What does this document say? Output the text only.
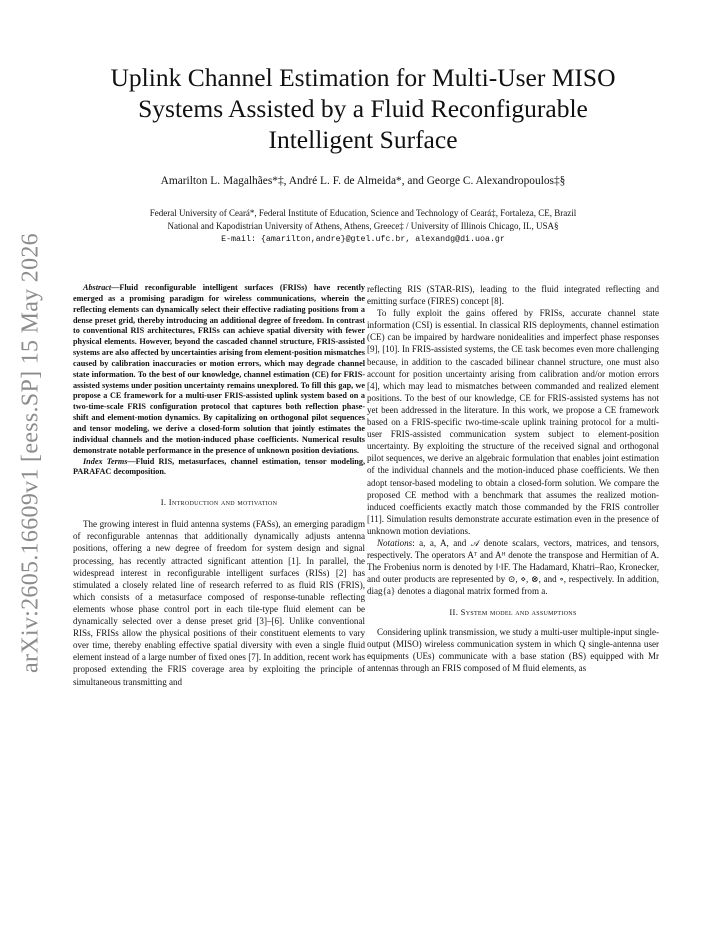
arXiv:2605.16609v1 [eess.SP] 15 May 2026
Uplink Channel Estimation for Multi-User MISO
Systems Assisted by a Fluid Reconfigurable
Intelligent Surface
Amarilton L. Magalhães*‡, André L. F. de Almeida*, and George C. Alexandropoulos‡§
Federal University of Ceará*, Federal Institute of Education, Science and Technology of Ceará‡, Fortaleza, CE, Brazil
National and Kapodistrian University of Athens, Athens, Greece‡ / University of Illinois Chicago, IL, USA§
E-mail: {amarilton,andre}@gtel.ufc.br, alexandg@di.uoa.gr

Abstract—Fluid reconfigurable intelligent surfaces (FRISs) have recently emerged as a promising paradigm for wireless communications, wherein the reflecting elements can dynamically select their effective radiating positions from a dense preset grid, thereby introducing an additional degree of freedom. In contrast to conventional RIS architectures, FRISs can achieve spatial diversity with fewer physical elements. However, beyond the cascaded channel structure, FRIS-assisted systems are also affected by uncertainties arising from element-position mismatches caused by calibration inaccuracies or motion errors, which may degrade channel state information. To the best of our knowledge, channel estimation (CE) for FRIS-assisted systems under position uncertainty remains unexplored. To fill this gap, we propose a CE framework for a multi-user FRIS-assisted uplink system based on a two-time-scale FRIS configuration protocol that captures both reflection phase-shift and element-motion dynamics. By capitalizing on orthogonal pilot sequences and tensor modeling, we derive a closed-form solution that jointly estimates the individual channels and the motion-induced phase coefficients. Numerical results demonstrate notable performance in the presence of unknown position deviations.

Index Terms—Fluid RIS, metasurfaces, channel estimation, tensor modeling, PARAFAC decomposition.

I. Introduction and motivation

The growing interest in fluid antenna systems (FASs), an emerging paradigm of reconfigurable antennas that additionally dynamically adjusts antenna positions, offering a new degree of freedom for system design and signal processing, has recently attracted significant attention [1]. In parallel, the widespread interest in reconfigurable intelligent surfaces (RISs) [2] has stimulated a closely related line of research referred to as fluid RIS (FRIS), which consists of a metasurface composed of response-tunable reflecting elements whose phase control port in each tile-type fluid element can be dynamically selected over a dense preset grid [3]–[6]. Unlike conventional RISs, FRISs allow the physical positions of their constituent elements to vary over time, thereby enabling effective spatial diversity with even a single fluid element instead of a large number of fixed ones [7]. In addition, recent work has proposed extending the FRIS coverage area by exploiting the principle of simultaneous transmitting and

reflecting RIS (STAR-RIS), leading to the fluid integrated reflecting and emitting surface (FIRES) concept [8].

To fully exploit the gains offered by FRISs, accurate channel state information (CSI) is essential. In classical RIS deployments, channel estimation (CE) can be impaired by hardware nonidealities and imperfect phase responses [9], [10]. In FRIS-assisted systems, the CE task becomes even more challenging because, in addition to the cascaded bilinear channel structure, one must also account for position uncertainty arising from calibration and/or motion errors [4], which may lead to mismatches between commanded and realized element positions. To the best of our knowledge, CE for FRIS-assisted systems has not yet been addressed in the literature. In this work, we propose a CE framework based on a FRIS-specific two-time-scale uplink training protocol for a multi-user FRIS-assisted communication system subject to element-position uncertainty. By exploiting the structure of the received signal and orthogonal pilot sequences, we derive an algebraic formulation that enables joint estimation of the individual channels and the motion-induced phase coefficients. We then adopt tensor-based modeling to obtain a closed-form solution. We compare the proposed CE method with a benchmark that assumes the realized motion-induced coefficients exactly match those commanded by the FRIS controller [11]. Simulation results demonstrate accurate estimation even in the presence of unknown motion deviations.

Notations: a, a, A, and 𝒜 denote scalars, vectors, matrices, and tensors, respectively. The operators Aᵀ and Aᴴ denote the transpose and Hermitian of A. The Frobenius norm is denoted by ‖·‖F. The Hadamard, Khatri–Rao, Kronecker, and outer products are represented by ⊙, ⋄, ⊗, and ∘, respectively. In addition, diag{a} denotes a diagonal matrix formed from a.

II. System model and assumptions

Considering uplink transmission, we study a multi-user multiple-input single-output (MISO) wireless communication system in which Q single-antenna user equipments (UEs) communicate with a base station (BS) equipped with Mr antennas through an FRIS composed of M fluid elements, as
